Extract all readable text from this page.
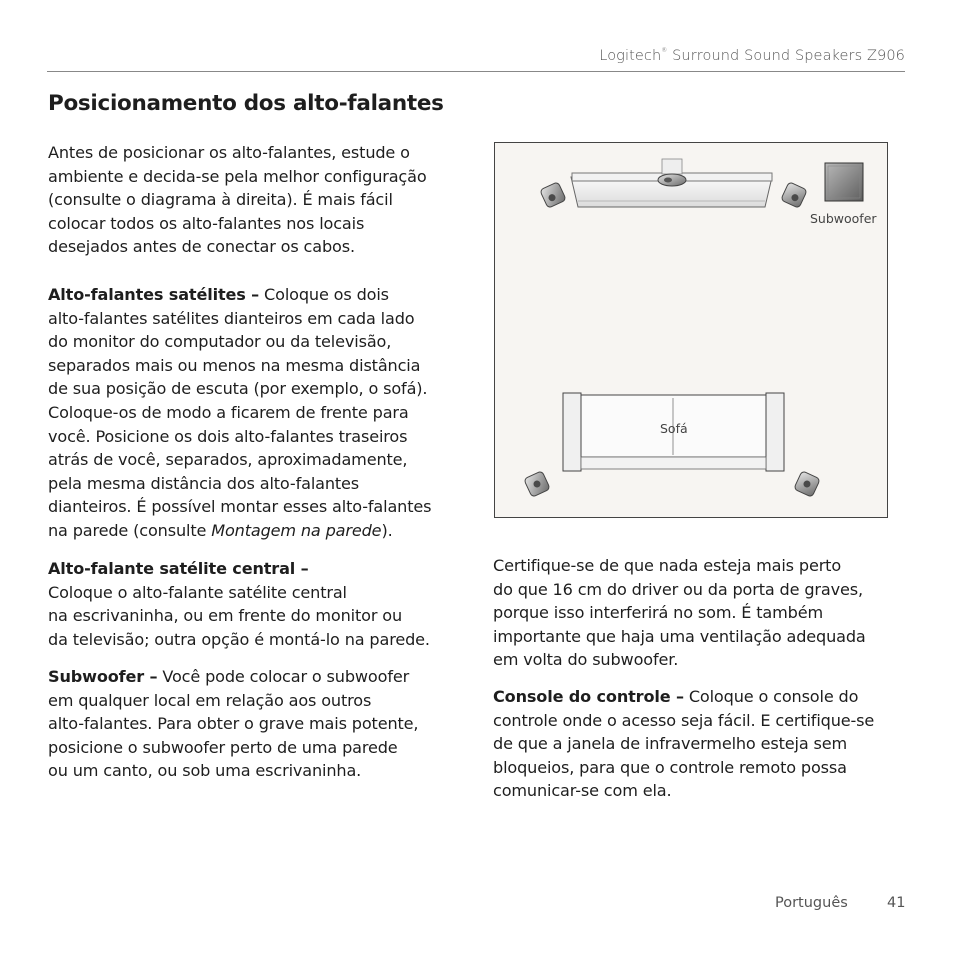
Logitech® Surround Sound Speakers Z906
Posicionamento dos alto-falantes
Antes de posicionar os alto-falantes, estude o
ambiente e decida-se pela melhor configuração
(consulte o diagrama à direita). É mais fácil
colocar todos os alto-falantes nos locais
desejados antes de conectar os cabos.
Alto-falantes satélites – Coloque os dois
alto-falantes satélites dianteiros em cada lado
do monitor do computador ou da televisão,
separados mais ou menos na mesma distância
de sua posição de escuta (por exemplo, o sofá).
Coloque-os de modo a ficarem de frente para
você. Posicione os dois alto-falantes traseiros
atrás de você, separados, aproximadamente,
pela mesma distância dos alto-falantes
dianteiros. É possível montar esses alto-falantes
na parede (consulte Montagem na parede).
Alto-falante satélite central –
Coloque o alto-falante satélite central
na escrivaninha, ou em frente do monitor ou
da televisão; outra opção é montá-lo na parede.
Subwoofer – Você pode colocar o subwoofer
em qualquer local em relação aos outros
alto-falantes. Para obter o grave mais potente,
posicione o subwoofer perto de uma parede
ou um canto, ou sob uma escrivaninha.
Subwoofer
Sofá
Certifique-se de que nada esteja mais perto
do que 16 cm do driver ou da porta de graves,
porque isso interferirá no som. É também
importante que haja uma ventilação adequada
em volta do subwoofer.
Console do controle – Coloque o console do
controle onde o acesso seja fácil. E certifique-se
de que a janela de infravermelho esteja sem
bloqueios, para que o controle remoto possa
comunicar-se com ela.
Português	41
